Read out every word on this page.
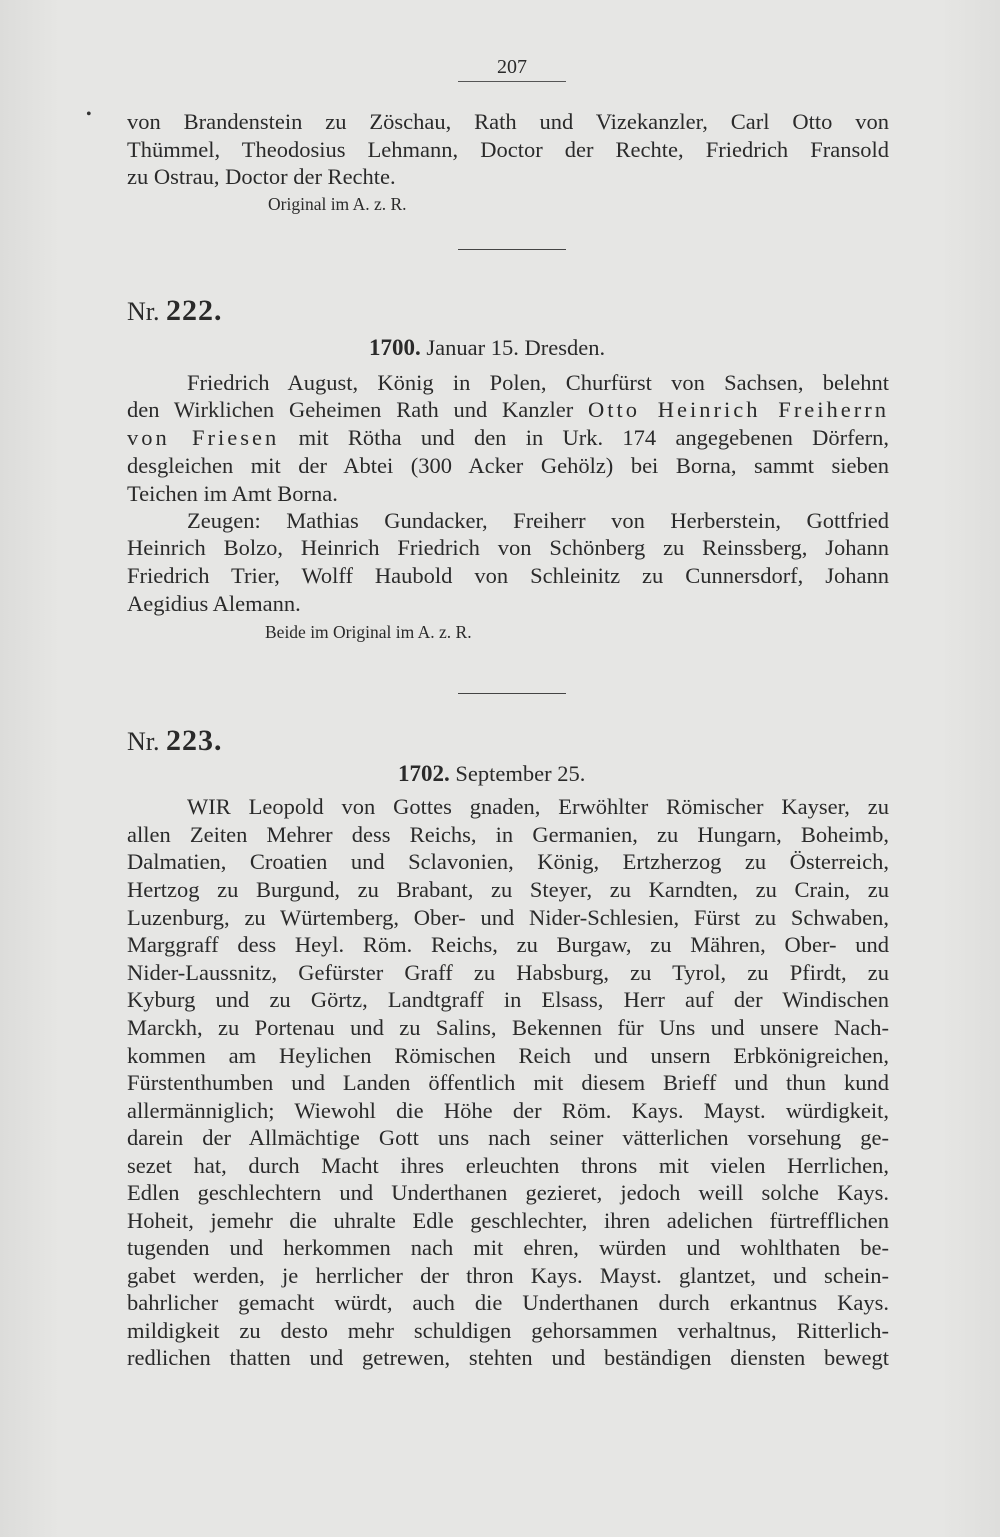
207
• von Brandenstein zu Zöschau, Rath und Vizekanzler, Carl Otto von
Thümmel, Theodosius Lehmann, Doctor der Rechte, Friedrich Fransold
zu Ostrau, Doctor der Rechte.
Original im A. z. R.
Nr. 222.
1700. Januar 15. Dresden.
Friedrich August, König in Polen, Churfürst von Sachsen, belehnt
den Wirklichen Geheimen Rath und Kanzler Otto Heinrich Freiherrn
von Friesen mit Rötha und den in Urk. 174 angegebenen Dörfern,
desgleichen mit der Abtei (300 Acker Gehölz) bei Borna, sammt sieben
Teichen im Amt Borna.
Zeugen: Mathias Gundacker, Freiherr von Herberstein, Gottfried
Heinrich Bolzo, Heinrich Friedrich von Schönberg zu Reinssberg, Johann
Friedrich Trier, Wolff Haubold von Schleinitz zu Cunnersdorf, Johann
Aegidius Alemann.
Beide im Original im A. z. R.
Nr. 223.
1702. September 25.
WIR Leopold von Gottes gnaden, Erwöhlter Römischer Kayser, zu
allen Zeiten Mehrer dess Reichs, in Germanien, zu Hungarn, Boheimb,
Dalmatien, Croatien und Sclavonien, König, Ertzherzog zu Österreich,
Hertzog zu Burgund, zu Brabant, zu Steyer, zu Karndten, zu Crain, zu
Luzenburg, zu Würtemberg, Ober- und Nider-Schlesien, Fürst zu Schwaben,
Marggraff dess Heyl. Röm. Reichs, zu Burgaw, zu Mähren, Ober- und
Nider-Laussnitz, Gefürster Graff zu Habsburg, zu Tyrol, zu Pfirdt, zu
Kyburg und zu Görtz, Landtgraff in Elsass, Herr auf der Windischen
Marckh, zu Portenau und zu Salins, Bekennen für Uns und unsere Nach-
kommen am Heylichen Römischen Reich und unsern Erbkönigreichen,
Fürstenthumben und Landen öffentlich mit diesem Brieff und thun kund
allermänniglich; Wiewohl die Höhe der Röm. Kays. Mayst. würdigkeit,
darein der Allmächtige Gott uns nach seiner vätterlichen vorsehung ge-
sezet hat, durch Macht ihres erleuchten throns mit vielen Herrlichen,
Edlen geschlechtern und Underthanen gezieret, jedoch weill solche Kays.
Hoheit, jemehr die uhralte Edle geschlechter, ihren adelichen fürtrefflichen
tugenden und herkommen nach mit ehren, würden und wohlthaten be-
gabet werden, je herrlicher der thron Kays. Mayst. glantzet, und schein-
bahrlicher gemacht würdt, auch die Underthanen durch erkantnus Kays.
mildigkeit zu desto mehr schuldigen gehorsammen verhaltnus, Ritterlich-
redlichen thatten und getrewen, stehten und beständigen diensten bewegt
